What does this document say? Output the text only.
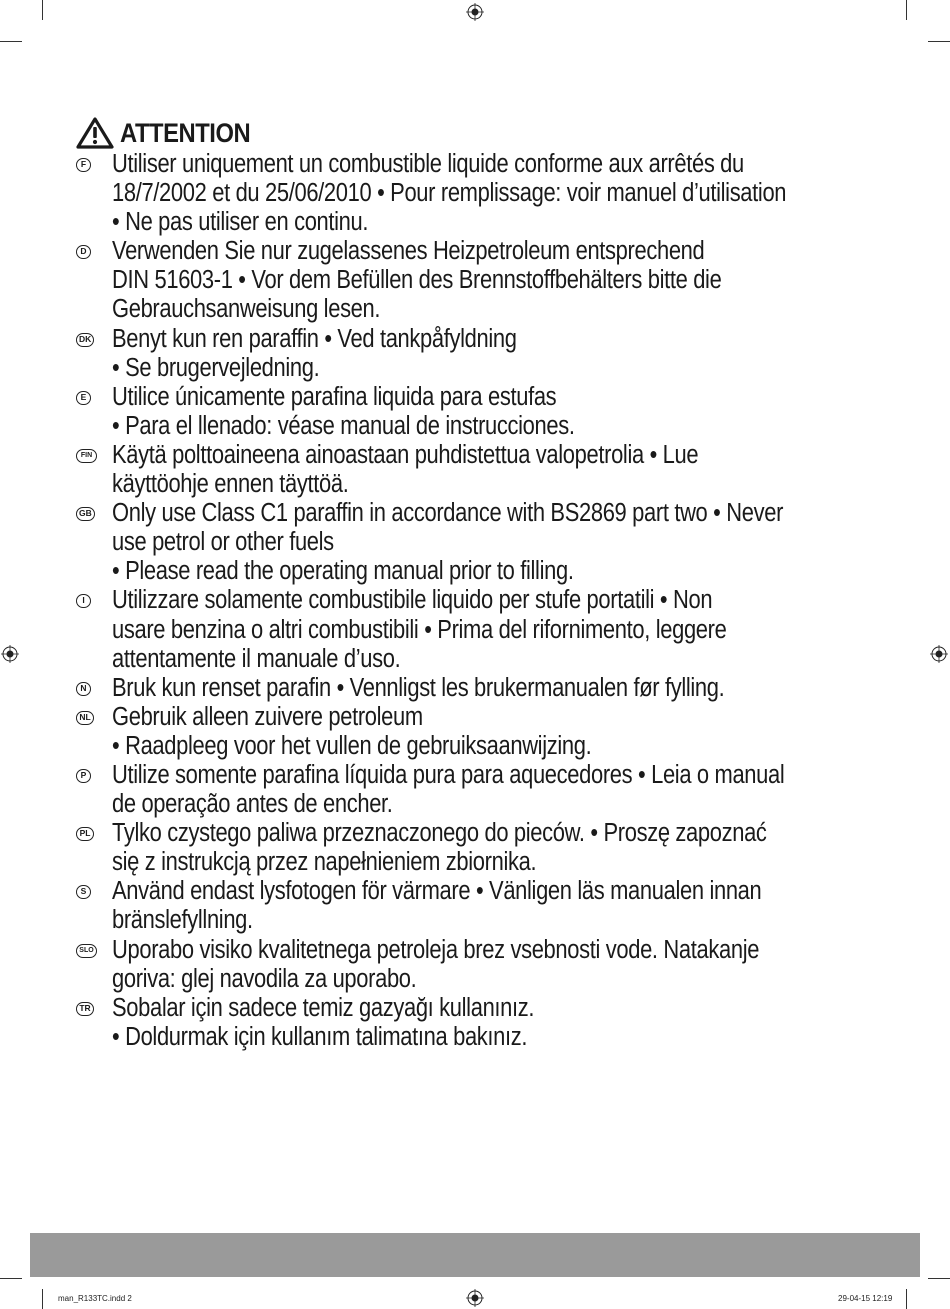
ATTENTION
F Utiliser uniquement un combustible liquide conforme aux arrêtés du
18/7/2002 et du 25/06/2010 • Pour remplissage: voir manuel d’utilisation
• Ne pas utiliser en continu.
D Verwenden Sie nur zugelassenes Heizpetroleum entsprechend
DIN 51603-1 • Vor dem Befüllen des Brennstoffbehälters bitte die
Gebrauchsanweisung lesen.
DK Benyt kun ren paraffin • Ved tankpåfyldning
• Se brugervejledning.
E Utilice únicamente parafina liquida para estufas
• Para el llenado: véase manual de instrucciones.
FIN Käytä polttoaineena ainoastaan puhdistettua valopetrolia • Lue
käyttöohje ennen täyttöä.
GB Only use Class C1 paraffin in accordance with BS2869 part two • Never
use petrol or other fuels
• Please read the operating manual prior to filling.
I Utilizzare solamente combustibile liquido per stufe portatili • Non
usare benzina o altri combustibili • Prima del rifornimento, leggere
attentamente il manuale d’uso.
N Bruk kun renset parafin • Vennligst les brukermanualen før fylling.
NL Gebruik alleen zuivere petroleum
• Raadpleeg voor het vullen de gebruiksaanwijzing.
P Utilize somente parafina líquida pura para aquecedores • Leia o manual
de operação antes de encher.
PL Tylko czystego paliwa przeznaczonego do pieców. • Proszę zapoznać
się z instrukcją przez napełnieniem zbiornika.
S Använd endast lysfotogen för värmare • Vänligen läs manualen innan
bränslefyllning.
SLO Uporabo visiko kvalitetnega petroleja brez vsebnosti vode. Natakanje
goriva: glej navodila za uporabo.
TR Sobalar için sadece temiz gazyağı kullanınız.
• Doldurmak için kullanım talimatına bakınız.
man_R133TC.indd 2	29-04-15 12:19
